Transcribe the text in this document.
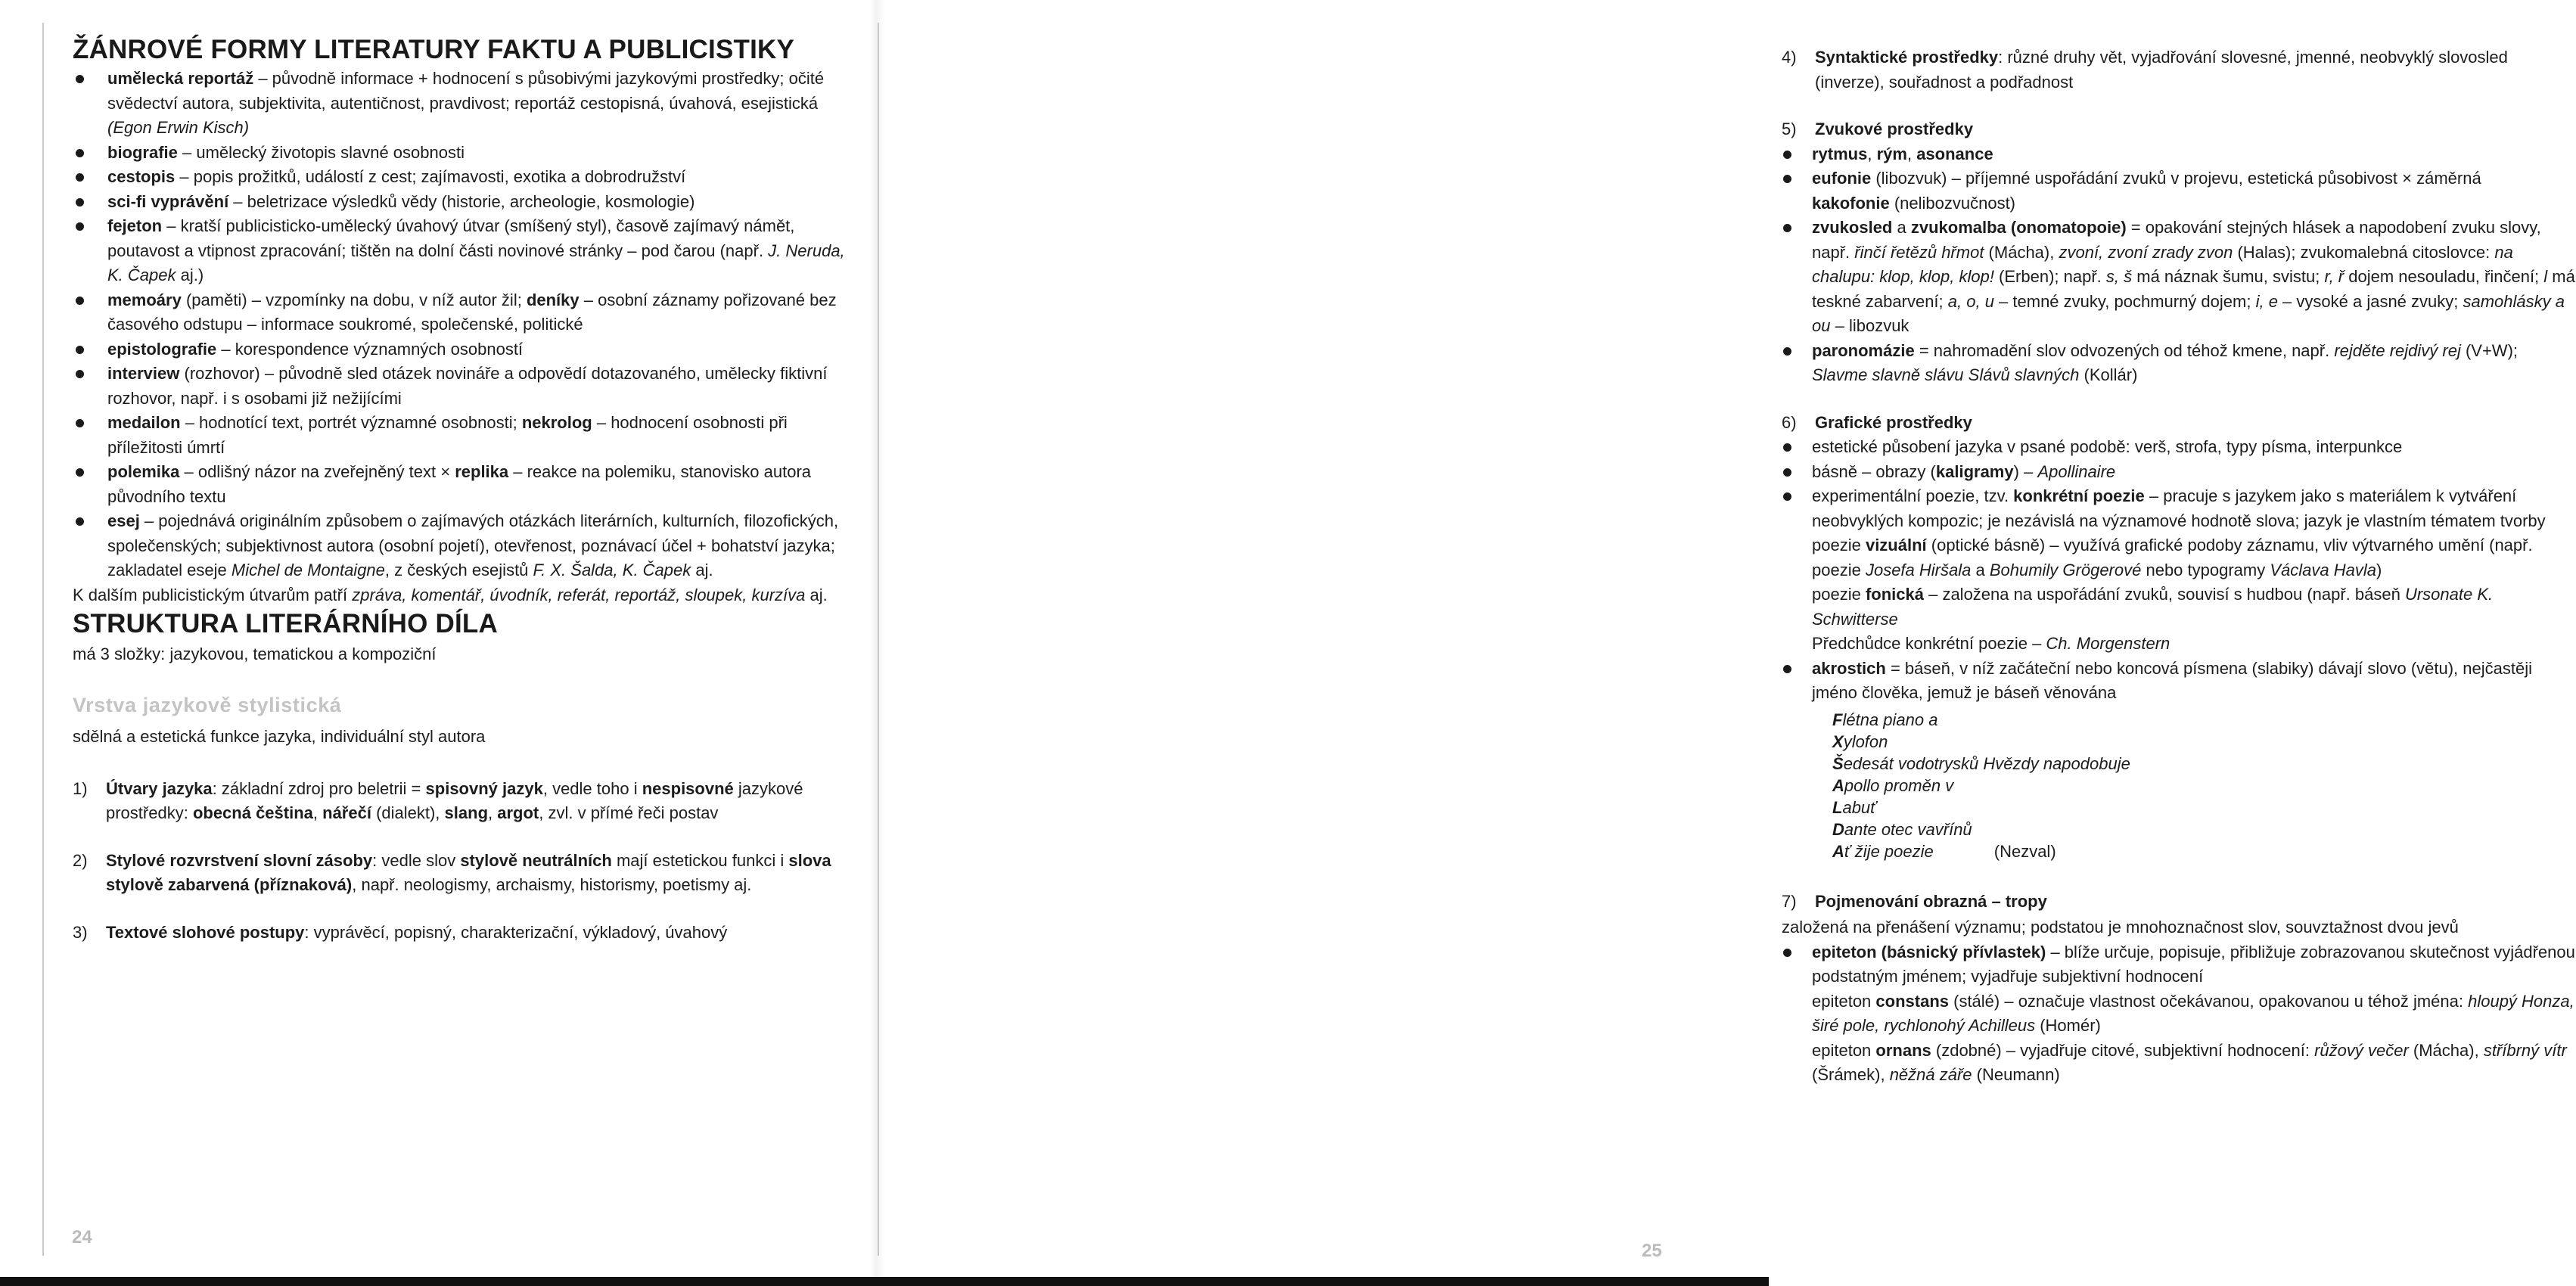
ŽÁNROVÉ FORMY LITERATURY FAKTU A PUBLICISTIKY
umělecká reportáž – původně informace + hodnocení s působivými jazykovými prostředky; očité svědectví autora, subjektivita, autentičnost, pravdivost; reportáž cestopisná, úvahová, esejistická (Egon Erwin Kisch)
biografie – umělecký životopis slavné osobnosti
cestopis – popis prožitků, událostí z cest; zajímavosti, exotika a dobrodružství
sci-fi vyprávění – beletrizace výsledků vědy (historie, archeologie, kosmologie)
fejeton – kratší publicisticko-umělecký úvahový útvar (smíšený styl), časově zajímavý námět, poutavost a vtipnost zpracování; tištěn na dolní části novinové stránky – pod čarou (např. J. Neruda, K. Čapek aj.)
memoáry (paměti) – vzpomínky na dobu, v níž autor žil; deníky – osobní záznamy pořizované bez časového odstupu – informace soukromé, společenské, politické
epistolografie – korespondence významných osobností
interview (rozhovor) – původně sled otázek novináře a odpovědí dotazovaného, umělecky fiktivní rozhovor, např. i s osobami již nežijícími
medailon – hodnotící text, portrét významné osobnosti; nekrolog – hodnocení osobnosti při příležitosti úmrtí
polemika – odlišný názor na zveřejněný text × replika – reakce na polemiku, stanovisko autora původního textu
esej – pojednává originálním způsobem o zajímavých otázkách literárních, kulturních, filozofických, společenských; subjektivnost autora (osobní pojetí), otevřenost, poznávací účel + bohatství jazyka; zakladatel eseje Michel de Montaigne, z českých esejistů F. X. Šalda, K. Čapek aj.

K dalším publicistickým útvarům patří zpráva, komentář, úvodník, referát, reportáž, sloupek, kurzíva aj.

STRUKTURA LITERÁRNÍHO DÍLA

má 3 složky: jazykovou, tematickou a kompoziční

Vrstva jazykově stylistická

sdělná a estetická funkce jazyka, individuální styl autora

1) Útvary jazyka: základní zdroj pro beletrii = spisovný jazyk, vedle toho i nespisovné jazykové prostředky: obecná čeština, nářečí (dialekt), slang, argot, zvl. v přímé řeči postav

2) Stylové rozvrstvení slovní zásoby: vedle slov stylově neutrálních mají estetickou funkci i slova stylově zabarvená (příznaková), např. neologismy, archaismy, historismy, poetismy aj.

3) Textové slohové postupy: vyprávěcí, popisný, charakterizační, výkladový, úvahový

24
4) Syntaktické prostředky: různé druhy vět, vyjadřování slovesné, jmenné, neobvyklý slovosled (inverze), souřadnost a podřadnost

5) Zvukové prostředky

rytmus, rým, asonance
eufonie (libozvuk) – příjemné uspořádání zvuků v projevu, estetická působivost × záměrná
kakofonie (nelibozvučnost)
zvukosled a zvukomalba (onomatopoie) = opakování stejných hlásek a napodobení zvuku slovy, např. řinčí řetězů hřmot (Mácha), zvoní, zvoní zrady zvon (Halas); zvukomalebná citoslovce: na chalupu: klop, klop, klop! (Erben); např. s, š má náznak šumu, svistu; r, ř dojem nesouladu, řinčení; l má teskné zabarvení; a, o, u – temné zvuky, pochmurný dojem; i, e – vysoké a jasné zvuky; samohlásky a ou – libozvuk
paronomázie = nahromadění slov odvozených od téhož kmene, např. rejděte rejdivý rej (V+W); Slavme slavně slávu Slávů slavných (Kollár)
6) Grafické prostředky

estetické působení jazyka v psané podobě: verš, strofa, typy písma, interpunkce
básně – obrazy (kaligramy) – Apollinaire
experimentální poezie, tzv. konkrétní poezie – pracuje s jazykem jako s materiálem k vytváření neobvyklých kompozic; je nezávislá na významové hodnotě slova; jazyk je vlastním tématem tvorby
poezie vizuální (optické básně) – využívá grafické podoby záznamu, vliv výtvarného umění (např. poezie Josefa Hiršala a Bohumily Grögerové nebo typogramy Václava Havla)
poezie fonická – založena na uspořádání zvuků, souvisí s hudbou (např. báseň Ursonate K. Schwitterse
Předchůdce konkrétní poezie – Ch. Morgenstern
akrostich = báseň, v níž začáteční nebo koncová písmena (slabiky) dávají slovo (větu), nejčastěji jméno člověka, jemuž je báseň věnována
Flétna piano a
Xylofon
Šedesát vodotrysků Hvězdy napodobuje
Apollo proměn v
Labuť
Dante otec vavřínů
Ať žije poezie	(Nezval)
7) Pojmenování obrazná – tropy

založená na přenášení významu; podstatou je mnohoznačnost slov, souvztažnost dvou jevů

epiteton (básnický přívlastek) – blíže určuje, popisuje, přibližuje zobrazovanou skutečnost vyjádřenou podstatným jménem; vyjadřuje subjektivní hodnocení
epiteton constans (stálé) – označuje vlastnost očekávanou, opakovanou u téhož jména: hloupý Honza, širé pole, rychlonohý Achilleus (Homér)
epiteton ornans (zdobné) – vyjadřuje citové, subjektivní hodnocení: růžový večer (Mácha), stříbrný vítr (Šrámek), něžná záře (Neumann)
25
